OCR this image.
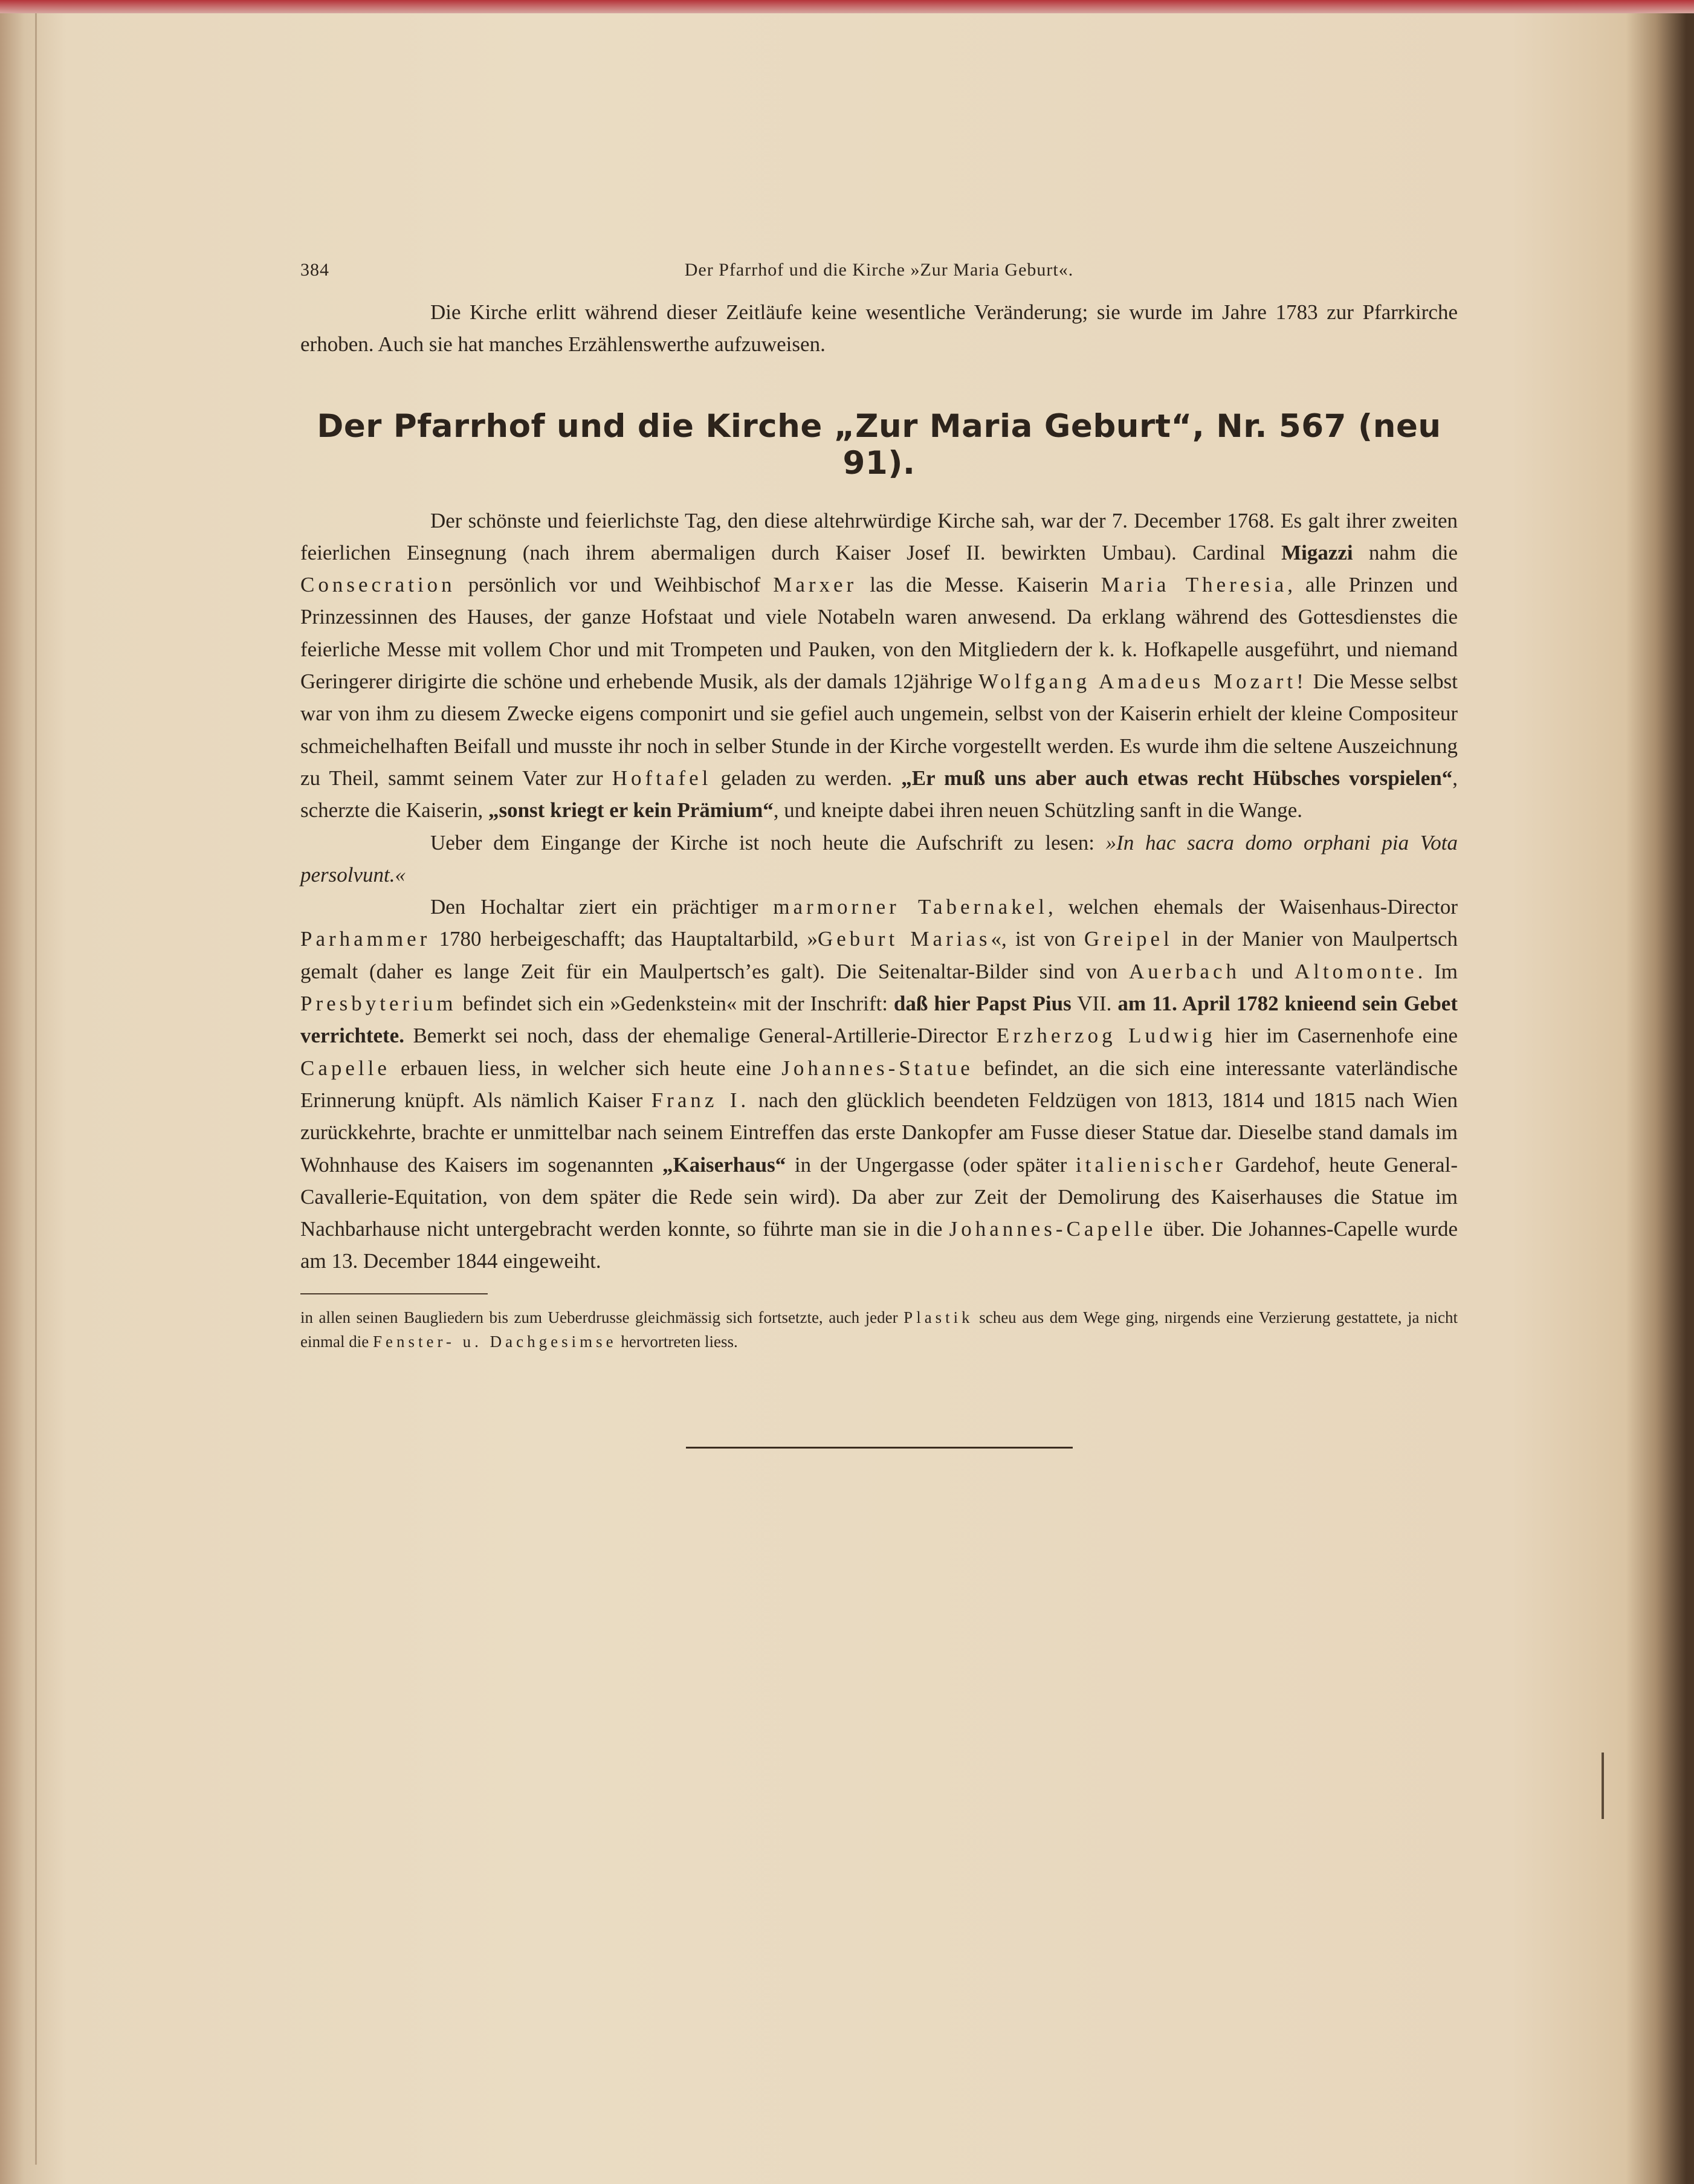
384	Der Pfarrhof und die Kirche »Zur Maria Geburt«.

Die Kirche erlitt während dieser Zeitläufe keine wesentliche Veränderung; sie wurde im Jahre 1783 zur Pfarrkirche erhoben. Auch sie hat manches Erzählenswerthe aufzuweisen.

Der Pfarrhof und die Kirche „Zur Maria Geburt“, Nr. 567 (neu 91).

Der schönste und feierlichste Tag, den diese altehrwürdige Kirche sah, war der 7. December 1768. Es galt ihrer zweiten feierlichen Einsegnung (nach ihrem abermaligen durch Kaiser Josef II. bewirkten Umbau). Cardinal Migazzi nahm die Consecration persönlich vor und Weihbischof Marxer las die Messe. Kaiserin Maria Theresia, alle Prinzen und Prinzessinnen des Hauses, der ganze Hofstaat und viele Notabeln waren anwesend. Da erklang während des Gottesdienstes die feierliche Messe mit vollem Chor und mit Trompeten und Pauken, von den Mitgliedern der k. k. Hofkapelle ausgeführt, und niemand Geringerer dirigirte die schöne und erhebende Musik, als der damals 12jährige Wolfgang Amadeus Mozart! Die Messe selbst war von ihm zu diesem Zwecke eigens componirt und sie gefiel auch ungemein, selbst von der Kaiserin erhielt der kleine Compositeur schmeichelhaften Beifall und musste ihr noch in selber Stunde in der Kirche vorgestellt werden. Es wurde ihm die seltene Auszeichnung zu Theil, sammt seinem Vater zur Hoftafel geladen zu werden. „Er muß uns aber auch etwas recht Hübsches vorspielen“, scherzte die Kaiserin, „sonst kriegt er kein Prämium“, und kneipte dabei ihren neuen Schützling sanft in die Wange.

Ueber dem Eingange der Kirche ist noch heute die Aufschrift zu lesen: »In hac sacra domo orphani pia Vota persolvunt.«

Den Hochaltar ziert ein prächtiger marmorner Tabernakel, welchen ehemals der Waisenhaus-Director Parhammer 1780 herbeigeschafft; das Hauptaltarbild, »Geburt Marias«, ist von Greipel in der Manier von Maulpertsch gemalt (daher es lange Zeit für ein Maulpertsch’es galt). Die Seitenaltar-Bilder sind von Auerbach und Altomonte. Im Presbyterium befindet sich ein »Gedenkstein« mit der Inschrift: daß hier Papst Pius VII. am 11. April 1782 knieend sein Gebet verrichtete. Bemerkt sei noch, dass der ehemalige General-Artillerie-Director Erzherzog Ludwig hier im Casernenhofe eine Capelle erbauen liess, in welcher sich heute eine Johannes-Statue befindet, an die sich eine interessante vaterländische Erinnerung knüpft. Als nämlich Kaiser Franz I. nach den glücklich beendeten Feldzügen von 1813, 1814 und 1815 nach Wien zurückkehrte, brachte er unmittelbar nach seinem Eintreffen das erste Dankopfer am Fusse dieser Statue dar. Dieselbe stand damals im Wohnhause des Kaisers im sogenannten „Kaiserhaus“ in der Ungergasse (oder später italienischer Gardehof, heute General-Cavallerie-Equitation, von dem später die Rede sein wird). Da aber zur Zeit der Demolirung des Kaiserhauses die Statue im Nachbarhause nicht untergebracht werden konnte, so führte man sie in die Johannes-Capelle über. Die Johannes-Capelle wurde am 13. December 1844 eingeweiht.

in allen seinen Baugliedern bis zum Ueberdrusse gleichmässig sich fortsetzte, auch jeder Plastik scheu aus dem Wege ging, nirgends eine Verzierung gestattete, ja nicht einmal die Fenster- u. Dachgesimse hervortreten liess.
